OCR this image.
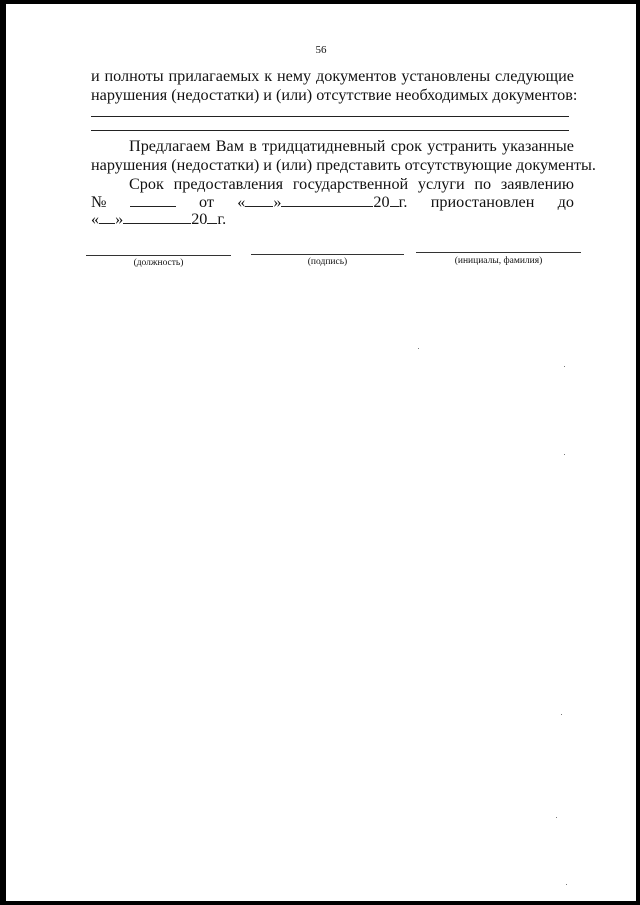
56
и полноты прилагаемых к нему документов установлены следующие
нарушения (недостатки) и (или) отсутствие необходимых документов:
Предлагаем Вам в тридцатидневный срок устранить указанные
нарушения (недостатки) и (или) представить отсутствующие документы.
Срок предоставления государственной услуги по заявлению
№	от « »	20 г. приостановлен до
« »	20 г.
(должность)	(подпись)	(инициалы, фамилия)
